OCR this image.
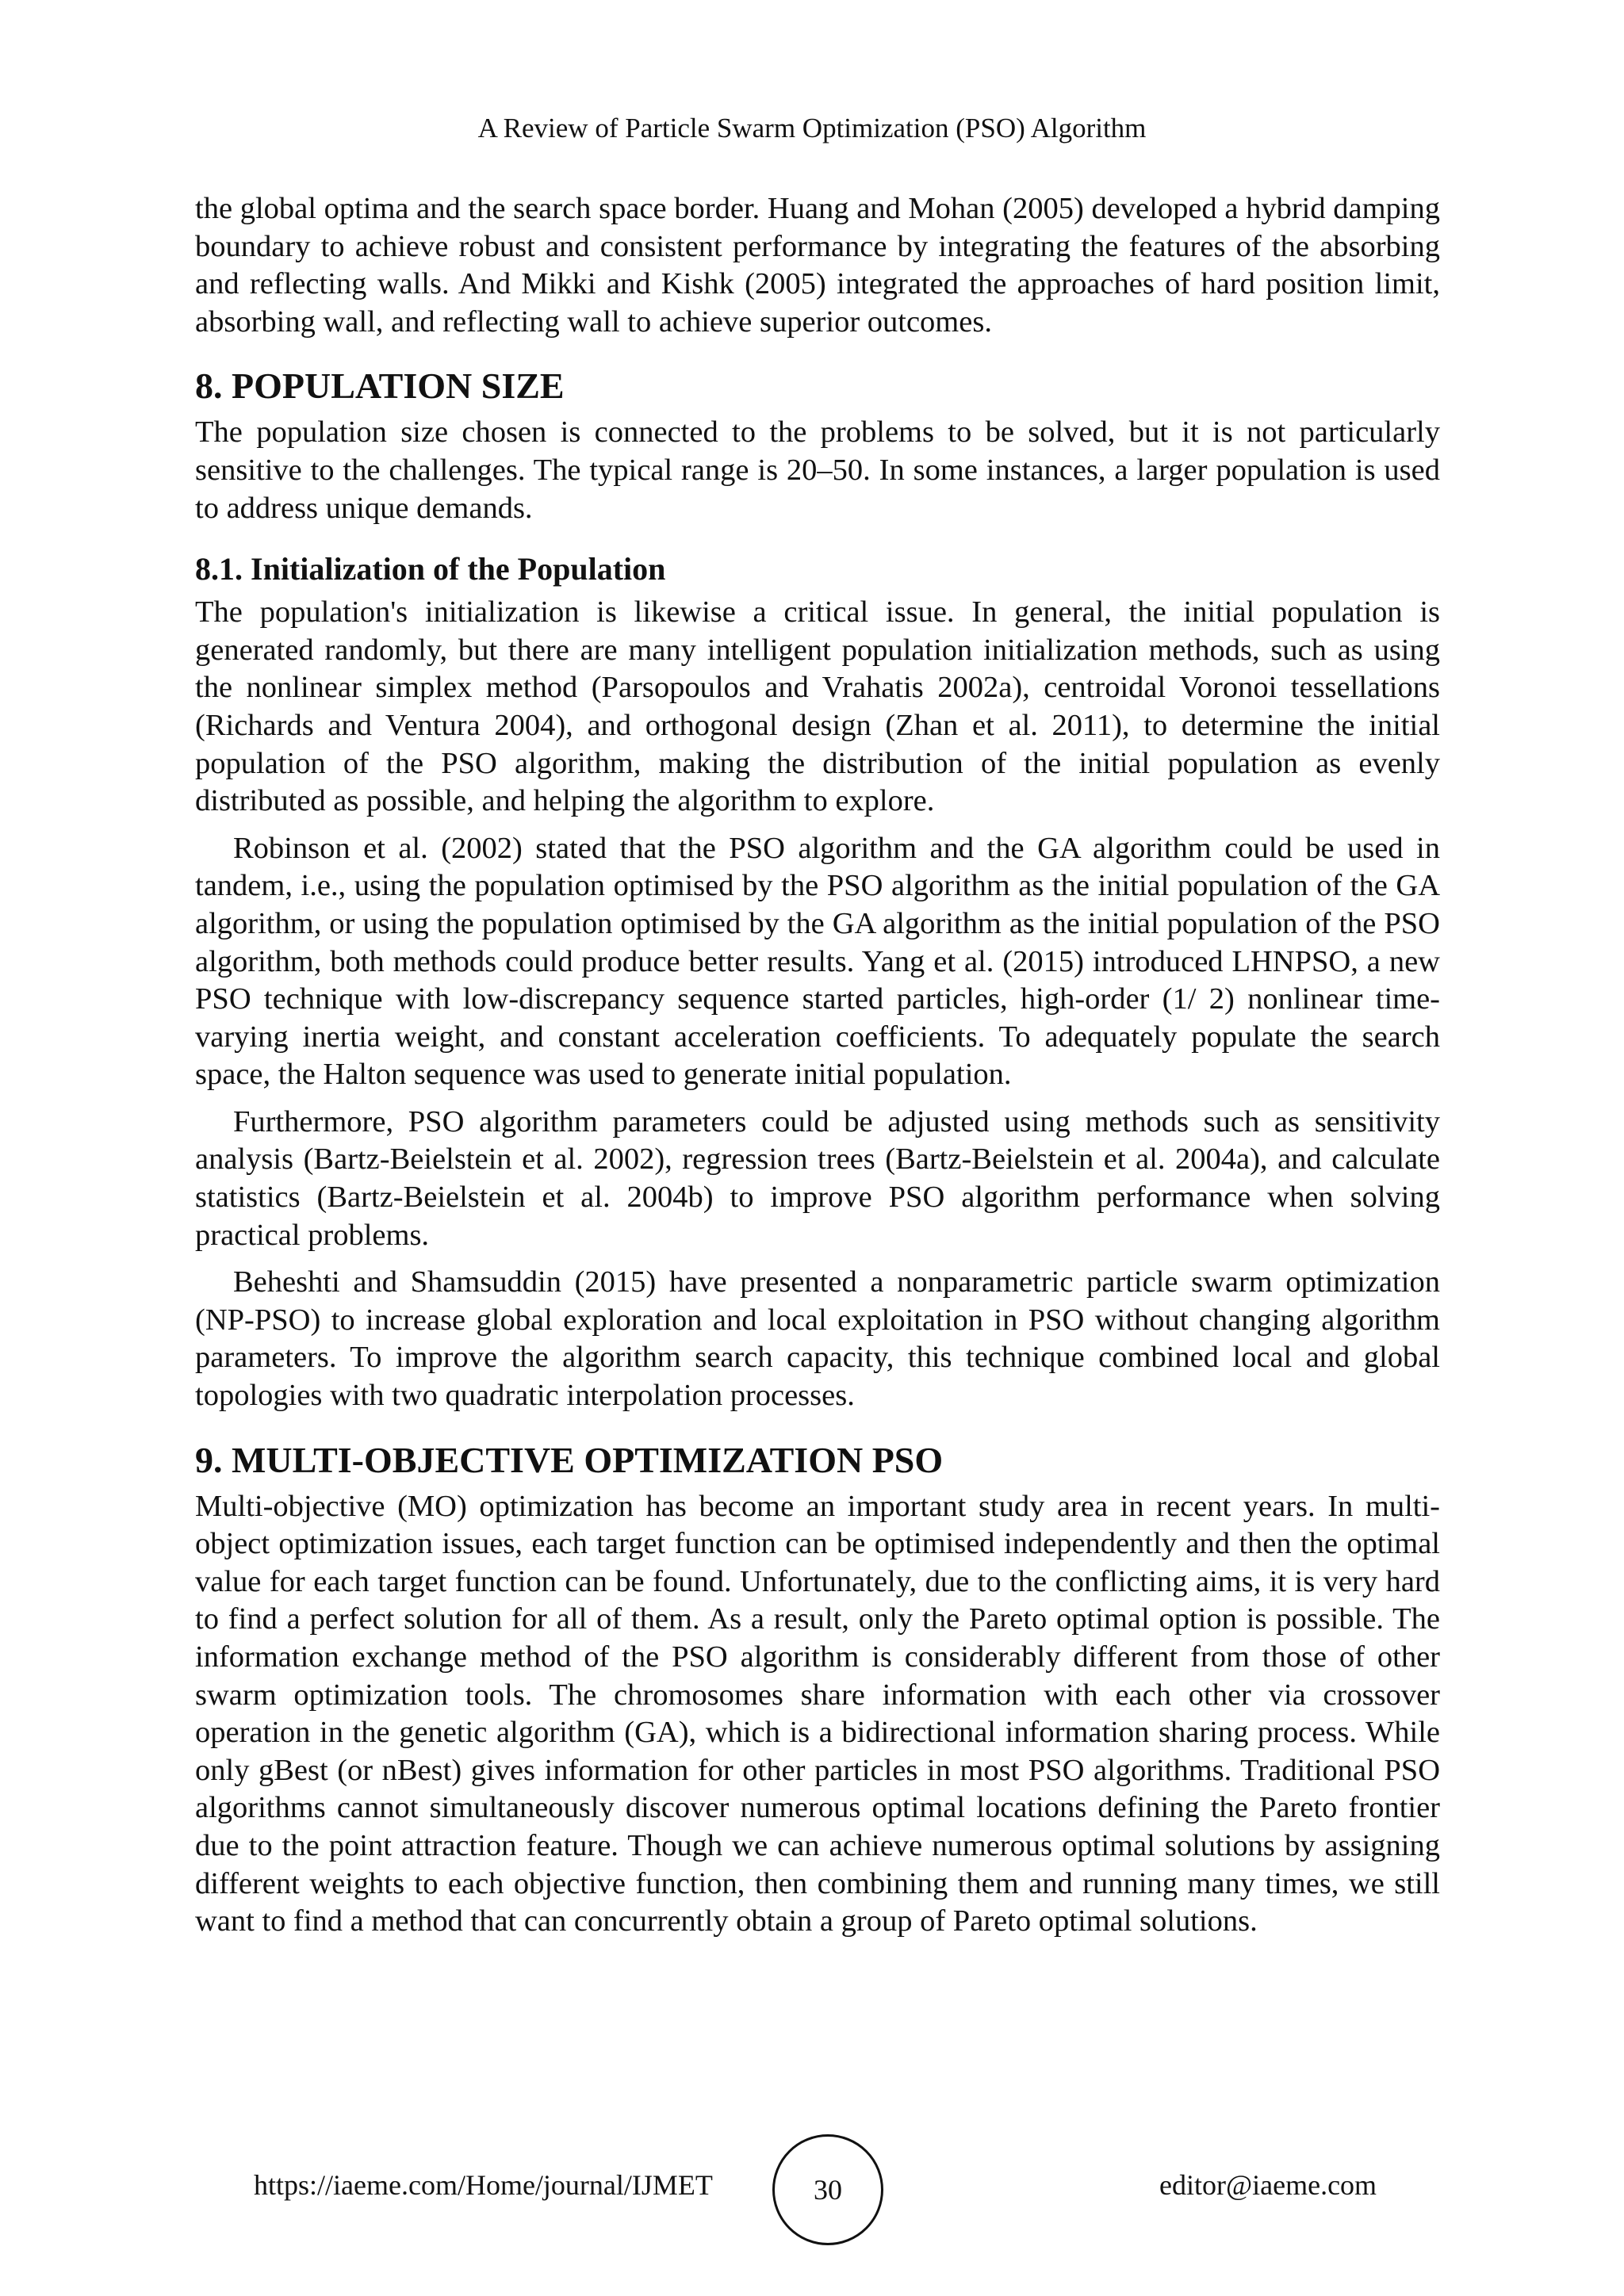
A Review of Particle Swarm Optimization (PSO) Algorithm

the global optima and the search space border. Huang and Mohan (2005) developed a hybrid damping boundary to achieve robust and consistent performance by integrating the features of the absorbing and reflecting walls. And Mikki and Kishk (2005) integrated the approaches of hard position limit, absorbing wall, and reflecting wall to achieve superior outcomes.

8. POPULATION SIZE

The population size chosen is connected to the problems to be solved, but it is not particularly sensitive to the challenges. The typical range is 20–50. In some instances, a larger population is used to address unique demands.

8.1. Initialization of the Population

The population's initialization is likewise a critical issue. In general, the initial population is generated randomly, but there are many intelligent population initialization methods, such as using the nonlinear simplex method (Parsopoulos and Vrahatis 2002a), centroidal Voronoi tessellations (Richards and Ventura 2004), and orthogonal design (Zhan et al. 2011), to determine the initial population of the PSO algorithm, making the distribution of the initial population as evenly distributed as possible, and helping the algorithm to explore.

Robinson et al. (2002) stated that the PSO algorithm and the GA algorithm could be used in tandem, i.e., using the population optimised by the PSO algorithm as the initial population of the GA algorithm, or using the population optimised by the GA algorithm as the initial population of the PSO algorithm, both methods could produce better results. Yang et al. (2015) introduced LHNPSO, a new PSO technique with low-discrepancy sequence started particles, high-order (1/ 2) nonlinear time-varying inertia weight, and constant acceleration coefficients. To adequately populate the search space, the Halton sequence was used to generate initial population.

Furthermore, PSO algorithm parameters could be adjusted using methods such as sensitivity analysis (Bartz-Beielstein et al. 2002), regression trees (Bartz-Beielstein et al. 2004a), and calculate statistics (Bartz-Beielstein et al. 2004b) to improve PSO algorithm performance when solving practical problems.

Beheshti and Shamsuddin (2015) have presented a nonparametric particle swarm optimization (NP-PSO) to increase global exploration and local exploitation in PSO without changing algorithm parameters. To improve the algorithm search capacity, this technique combined local and global topologies with two quadratic interpolation processes.

9. MULTI-OBJECTIVE OPTIMIZATION PSO

Multi-objective (MO) optimization has become an important study area in recent years. In multi-object optimization issues, each target function can be optimised independently and then the optimal value for each target function can be found. Unfortunately, due to the conflicting aims, it is very hard to find a perfect solution for all of them. As a result, only the Pareto optimal option is possible. The information exchange method of the PSO algorithm is considerably different from those of other swarm optimization tools. The chromosomes share information with each other via crossover operation in the genetic algorithm (GA), which is a bidirectional information sharing process. While only gBest (or nBest) gives information for other particles in most PSO algorithms. Traditional PSO algorithms cannot simultaneously discover numerous optimal locations defining the Pareto frontier due to the point attraction feature. Though we can achieve numerous optimal solutions by assigning different weights to each objective function, then combining them and running many times, we still want to find a method that can concurrently obtain a group of Pareto optimal solutions.

https://iaeme.com/Home/journal/IJMET	30	editor@iaeme.com
